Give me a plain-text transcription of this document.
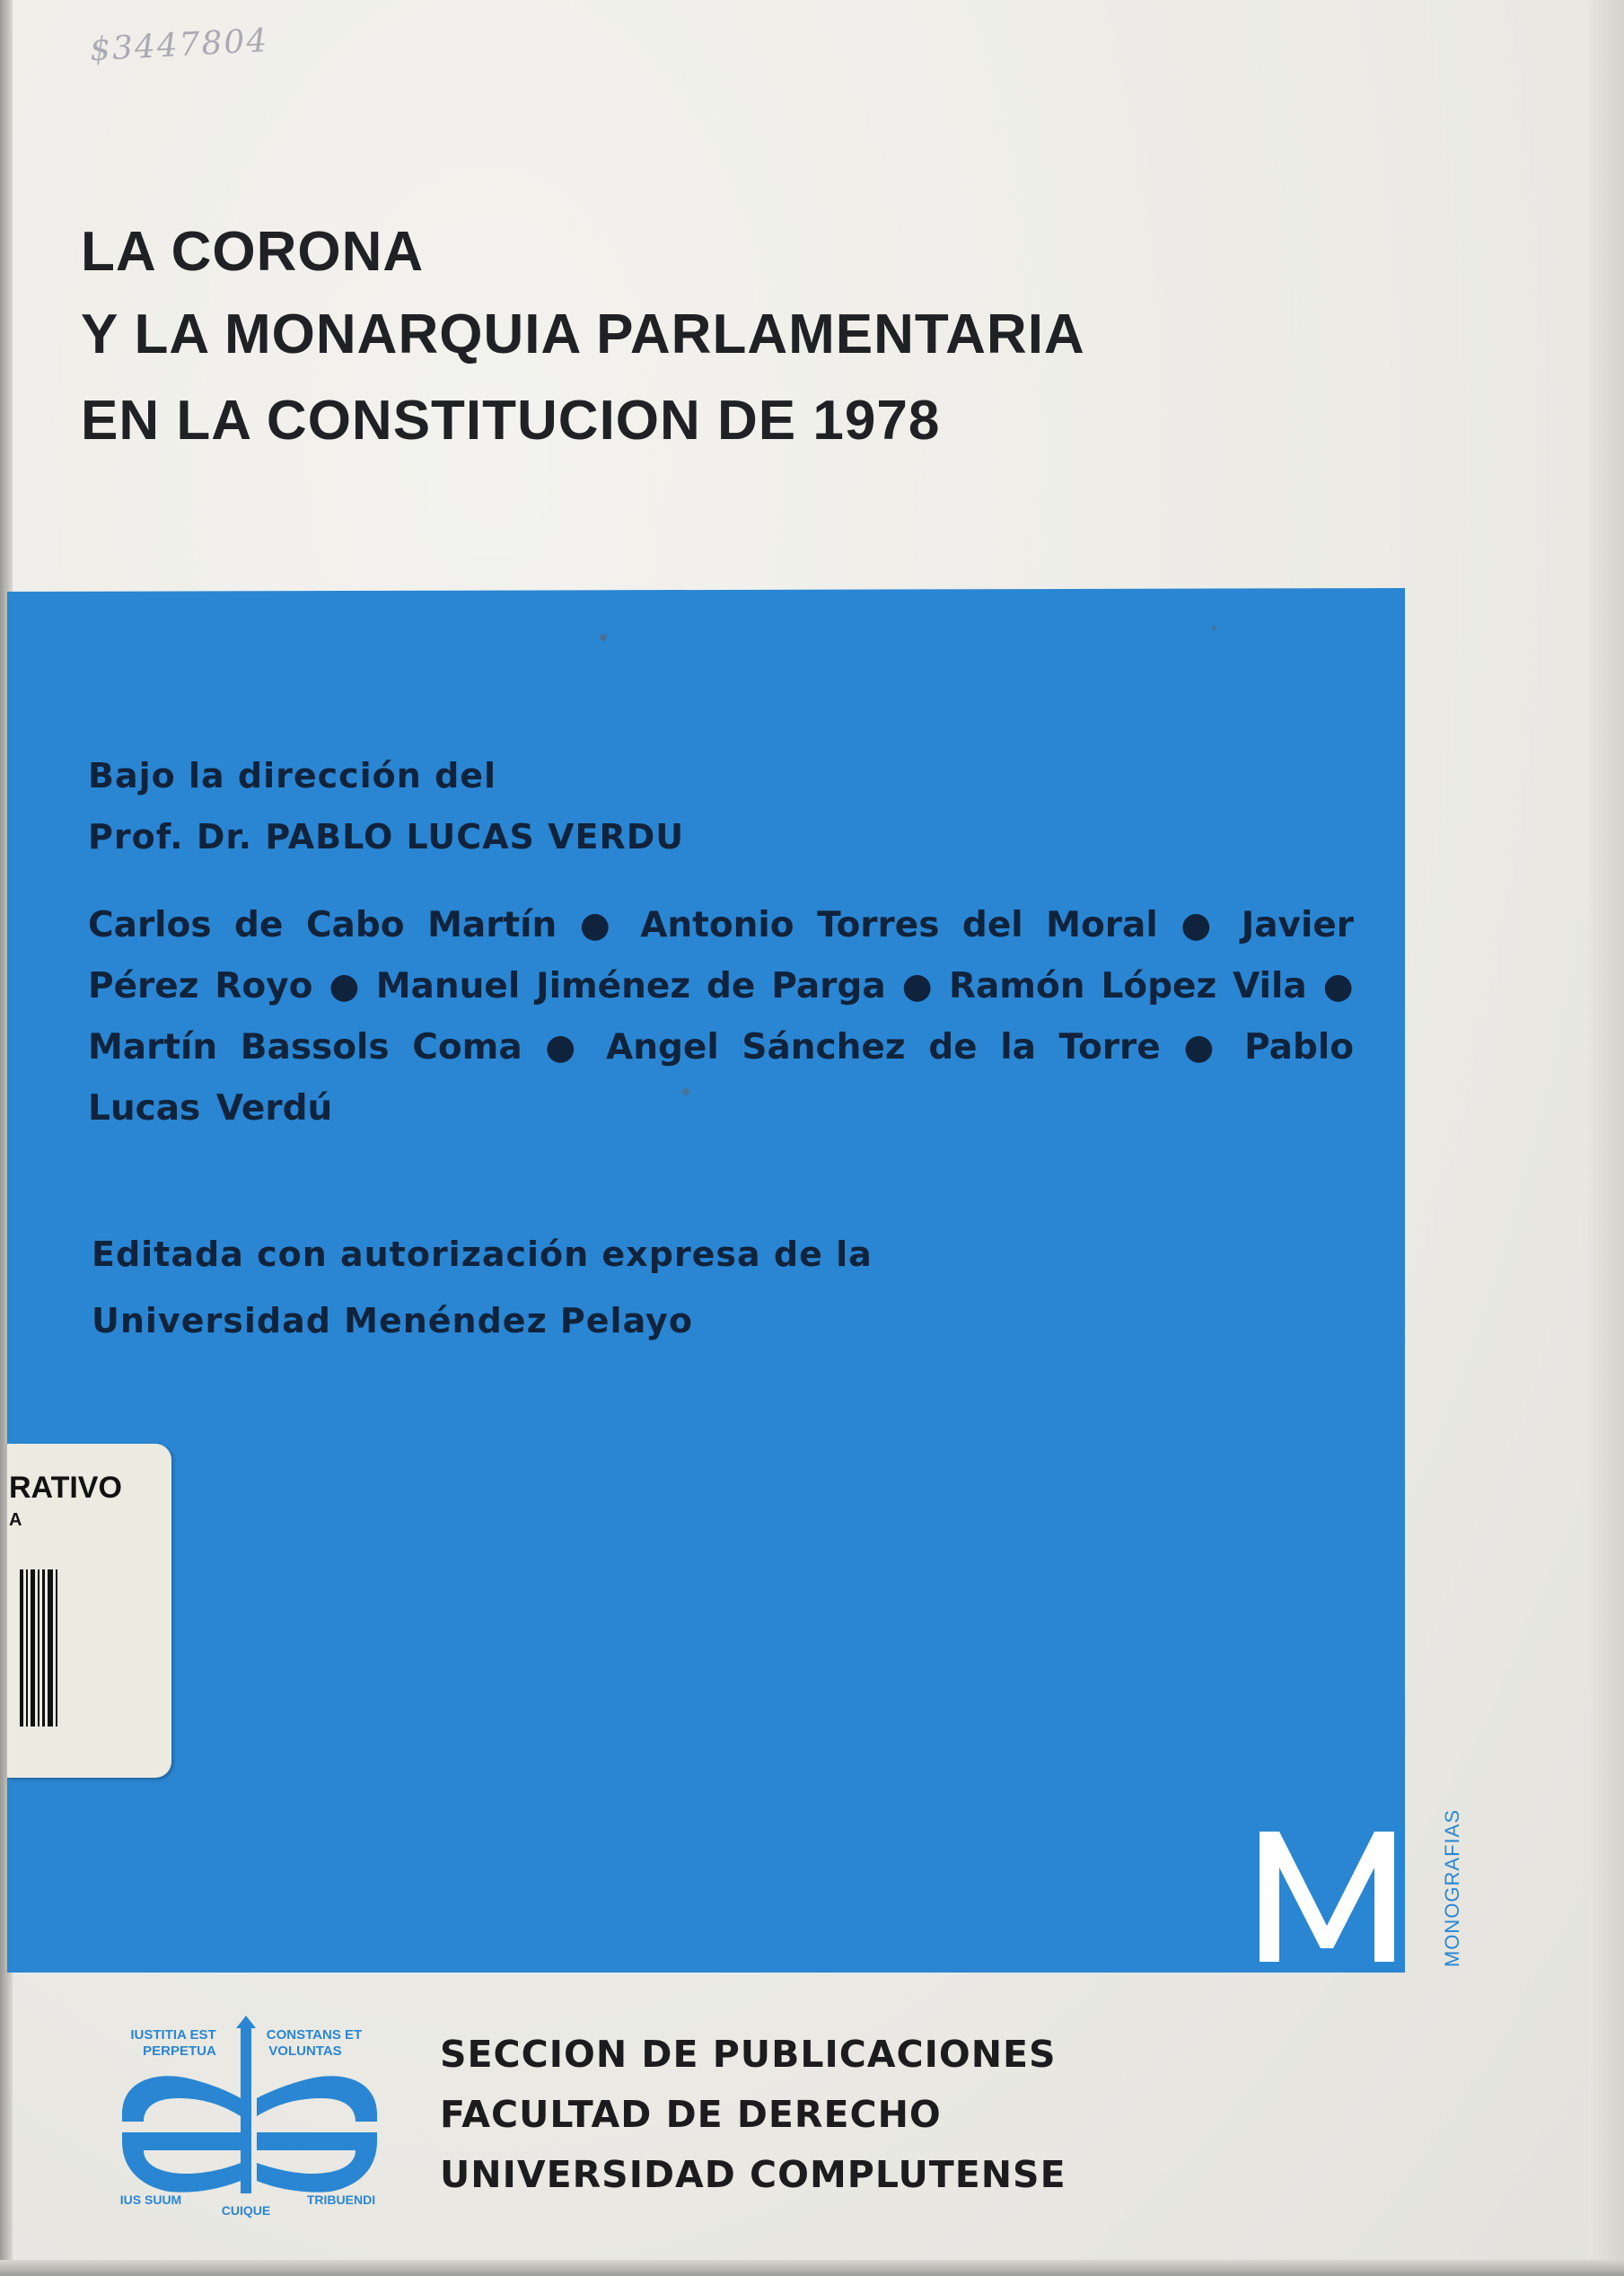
$3447804
LA CORONA
Y LA MONARQUIA PARLAMENTARIA
EN LA CONSTITUCION DE 1978
Bajo la dirección del
Prof. Dr. PABLO LUCAS VERDU
Carlos de Cabo Martín ● Antonio Torres del Moral ● Javier Pérez Royo ● Manuel Jiménez de Parga ● Ramón López Vila ● Martín Bassols Coma ● Angel Sánchez de la Torre ● Pablo Lucas Verdú
Editada con autorización expresa de la
Universidad Menéndez Pelayo
RATIVO
A
MONOGRAFIAS
IUSTITIA EST
PERPETUA
CONSTANS ET
VOLUNTAS
IUS SUUM
CUIQUE
TRIBUENDI
SECCION DE PUBLICACIONES
FACULTAD DE DERECHO
UNIVERSIDAD COMPLUTENSE
